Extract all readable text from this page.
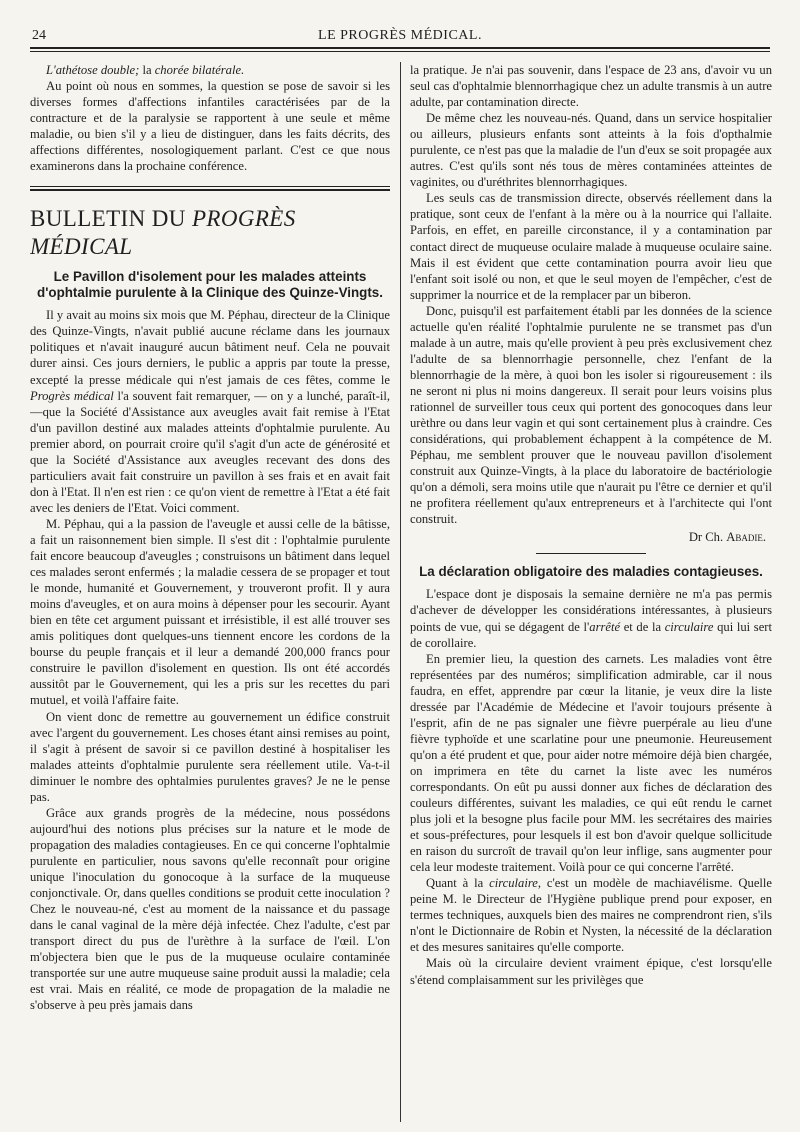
24	LE PROGRÈS MÉDICAL.

L'athétose double; la chorée bilatérale.

Au point où nous en sommes, la question se pose de savoir si les diverses formes d'affections infantiles caractérisées par de la contracture et de la paralysie se rapportent à une seule et même maladie, ou bien s'il y a lieu de distinguer, dans les faits décrits, des affections différentes, nosologiquement parlant. C'est ce que nous examinerons dans la prochaine conférence.

BULLETIN DU PROGRÈS MÉDICAL
Le Pavillon d'isolement pour les malades atteints d'ophtalmie purulente à la Clinique des Quinze-Vingts.

Il y avait au moins six mois que M. Péphau, directeur de la Clinique des Quinze-Vingts, n'avait publié aucune réclame dans les journaux politiques et n'avait inauguré aucun bâtiment neuf. Cela ne pouvait durer ainsi. Ces jours derniers, le public a appris par toute la presse, excepté la presse médicale qui n'est jamais de ces fêtes, comme le Progrès médical l'a souvent fait remarquer, — on y a lunché, paraît-il,—que la Société d'Assistance aux aveugles avait fait remise à l'Etat d'un pavillon destiné aux malades atteints d'ophtalmie purulente. Au premier abord, on pourrait croire qu'il s'agit d'un acte de générosité et que la Société d'Assistance aux aveugles recevant des dons des particuliers avait fait construire un pavillon à ses frais et en avait fait don à l'Etat. Il n'en est rien : ce qu'on vient de remettre à l'Etat a été fait avec les deniers de l'Etat. Voici comment.

M. Péphau, qui a la passion de l'aveugle et aussi celle de la bâtisse, a fait un raisonnement bien simple. Il s'est dit : l'ophtalmie purulente fait encore beaucoup d'aveugles ; construisons un bâtiment dans lequel ces malades seront enfermés ; la maladie cessera de se propager et tout le monde, humanité et Gouvernement, y trouveront profit. Il y aura moins d'aveugles, et on aura moins à dépenser pour les secourir. Ayant bien en tête cet argument puissant et irrésistible, il est allé trouver ses amis politiques dont quelques-uns tiennent encore les cordons de la bourse du peuple français et il leur a demandé 200,000 francs pour construire le pavillon d'isolement en question. Ils ont été accordés aussitôt par le Gouvernement, qui les a pris sur les recettes du pari mutuel, et voilà l'affaire faite.

On vient donc de remettre au gouvernement un édifice construit avec l'argent du gouvernement. Les choses étant ainsi remises au point, il s'agit à présent de savoir si ce pavillon destiné à hospitaliser les malades atteints d'ophtalmie purulente sera réellement utile. Va-t-il diminuer le nombre des ophtalmies purulentes graves? Je ne le pense pas.

Grâce aux grands progrès de la médecine, nous possédons aujourd'hui des notions plus précises sur la nature et le mode de propagation des maladies contagieuses. En ce qui concerne l'ophtalmie purulente en particulier, nous savons qu'elle reconnaît pour origine unique l'inoculation du gonocoque à la surface de la muqueuse conjonctivale. Or, dans quelles conditions se produit cette inoculation ? Chez le nouveau-né, c'est au moment de la naissance et du passage dans le canal vaginal de la mère déjà infectée. Chez l'adulte, c'est par transport direct du pus de l'urèthre à la surface de l'œil. L'on m'objectera bien que le pus de la muqueuse oculaire contaminée transportée sur une autre muqueuse saine produit aussi la maladie; cela est vrai. Mais en réalité, ce mode de propagation de la maladie ne s'observe à peu près jamais dans

la pratique. Je n'ai pas souvenir, dans l'espace de 23 ans, d'avoir vu un seul cas d'ophtalmie blennorrhagique chez un adulte transmis à un autre adulte, par contamination directe.

De même chez les nouveau-nés. Quand, dans un service hospitalier ou ailleurs, plusieurs enfants sont atteints à la fois d'opthalmie purulente, ce n'est pas que la maladie de l'un d'eux se soit propagée aux autres. C'est qu'ils sont nés tous de mères contaminées atteintes de vaginites, ou d'uréthrites blennorrhagiques.

Les seuls cas de transmission directe, observés réellement dans la pratique, sont ceux de l'enfant à la mère ou à la nourrice qui l'allaite. Parfois, en effet, en pareille circonstance, il y a contamination par contact direct de muqueuse oculaire malade à muqueuse oculaire saine. Mais il est évident que cette contamination pourra avoir lieu que l'enfant soit isolé ou non, et que le seul moyen de l'empêcher, c'est de supprimer la nourrice et de la remplacer par un biberon.

Donc, puisqu'il est parfaitement établi par les données de la science actuelle qu'en réalité l'ophtalmie purulente ne se transmet pas d'un malade à un autre, mais qu'elle provient à peu près exclusivement chez l'adulte de sa blennorrhagie personnelle, chez l'enfant de la blennorrhagie de la mère, à quoi bon les isoler si rigoureusement : ils ne seront ni plus ni moins dangereux. Il serait pour leurs voisins plus rationnel de surveiller tous ceux qui portent des gonocoques dans leur urèthre ou dans leur vagin et qui sont certainement plus à craindre. Ces considérations, qui probablement échappent à la compétence de M. Péphau, me semblent prouver que le nouveau pavillon d'isolement construit aux Quinze-Vingts, à la place du laboratoire de bactériologie qu'on a démoli, sera moins utile que n'aurait pu l'être ce dernier et qu'il ne profitera réellement qu'aux entrepreneurs et à l'architecte qui l'ont construit.

Dr Ch. Abadie.

La déclaration obligatoire des maladies contagieuses.

L'espace dont je disposais la semaine dernière ne m'a pas permis d'achever de développer les considérations intéressantes, à plusieurs points de vue, qui se dégagent de l'arrêté et de la circulaire qui lui sert de corollaire.

En premier lieu, la question des carnets. Les maladies vont être représentées par des numéros; simplification admirable, car il nous faudra, en effet, apprendre par cœur la litanie, je veux dire la liste dressée par l'Académie de Médecine et l'avoir toujours présente à l'esprit, afin de ne pas signaler une fièvre puerpérale au lieu d'une fièvre typhoïde et une scarlatine pour une pneumonie. Heureusement qu'on a été prudent et que, pour aider notre mémoire déjà bien chargée, on imprimera en tête du carnet la liste avec les numéros correspondants. On eût pu aussi donner aux fiches de déclaration des couleurs différentes, suivant les maladies, ce qui eût rendu le carnet plus joli et la besogne plus facile pour MM. les secrétaires des mairies et sous-préfectures, pour lesquels il est bon d'avoir quelque sollicitude en raison du surcroît de travail qu'on leur inflige, sans augmenter pour cela leur modeste traitement. Voilà pour ce qui concerne l'arrêté.

Quant à la circulaire, c'est un modèle de machiavélisme. Quelle peine M. le Directeur de l'Hygiène publique prend pour exposer, en termes techniques, auxquels bien des maires ne comprendront rien, s'ils n'ont le Dictionnaire de Robin et Nysten, la nécessité de la déclaration et des mesures sanitaires qu'elle comporte.

Mais où la circulaire devient vraiment épique, c'est lorsqu'elle s'étend complaisamment sur les privilèges que
